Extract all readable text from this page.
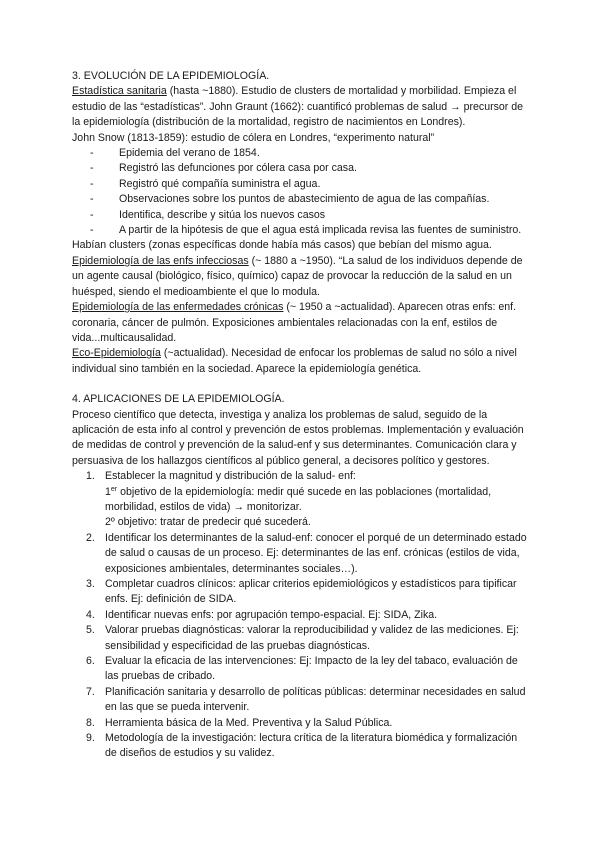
3. EVOLUCIÓN DE LA EPIDEMIOLOGÍA.

Estadística sanitaria (hasta ~1880). Estudio de clusters de mortalidad y morbilidad. Empieza el estudio de las “estadísticas”. John Graunt (1662): cuantificó problemas de salud → precursor de la epidemiología (distribución de la mortalidad, registro de nacimientos en Londres).

John Snow (1813-1859): estudio de cólera en Londres, “experimento natural”

- Epidemia del verano de 1854.
- Registró las defunciones por cólera casa por casa.
- Registró qué compañía suministra el agua.
- Observaciones sobre los puntos de abastecimiento de agua de las compañías.
- Identifica, describe y sitúa los nuevos casos
- A partir de la hipótesis de que el agua está implicada revisa las fuentes de suministro.

Habían clusters (zonas específicas donde había más casos) que bebían del mismo agua.

Epidemiología de las enfs infecciosas (~ 1880 a ~1950). “La salud de los individuos depende de un agente causal (biológico, físico, químico) capaz de provocar la reducción de la salud en un huésped, siendo el medioambiente el que lo modula.

Epidemiología de las enfermedades crónicas (~ 1950 a ~actualidad). Aparecen otras enfs: enf. coronaria, cáncer de pulmón. Exposiciones ambientales relacionadas con la enf, estilos de vida...multicausalidad.

Eco-Epidemiología (~actualidad). Necesidad de enfocar los problemas de salud no sólo a nivel individual sino también en la sociedad. Aparece la epidemiología genética.

4. APLICACIONES DE LA EPIDEMIOLOGÍA.

Proceso científico que detecta, investiga y analiza los problemas de salud, seguido de la aplicación de esta info al control y prevención de estos problemas. Implementación y evaluación de medidas de control y prevención de la salud-enf y sus determinantes. Comunicación clara y persuasiva de los hallazgos científicos al público general, a decisores político y gestores.

1. Establecer la magnitud y distribución de la salud- enf:
1er objetivo de la epidemiología: medir qué sucede en las poblaciones (mortalidad, morbilidad, estilos de vida) → monitorizar.
2º objetivo: tratar de predecir qué sucederá.
2. Identificar los determinantes de la salud-enf: conocer el porqué de un determinado estado de salud o causas de un proceso. Ej: determinantes de las enf. crónicas (estilos de vida, exposiciones ambientales, determinantes sociales…).
3. Completar cuadros clínicos: aplicar criterios epidemiológicos y estadísticos para tipificar enfs. Ej: definición de SIDA.
4. Identificar nuevas enfs: por agrupación tempo-espacial. Ej: SIDA, Zika.
5. Valorar pruebas diagnósticas: valorar la reproducibilidad y validez de las mediciones. Ej: sensibilidad y especificidad de las pruebas diagnósticas.
6. Evaluar la eficacia de las intervenciones: Ej: Impacto de la ley del tabaco, evaluación de las pruebas de cribado.
7. Planificación sanitaria y desarrollo de políticas públicas: determinar necesidades en salud en las que se pueda intervenir.
8. Herramienta básica de la Med. Preventiva y la Salud Pública.
9. Metodología de la investigación: lectura crítica de la literatura biomédica y formalización de diseños de estudios y su validez.
